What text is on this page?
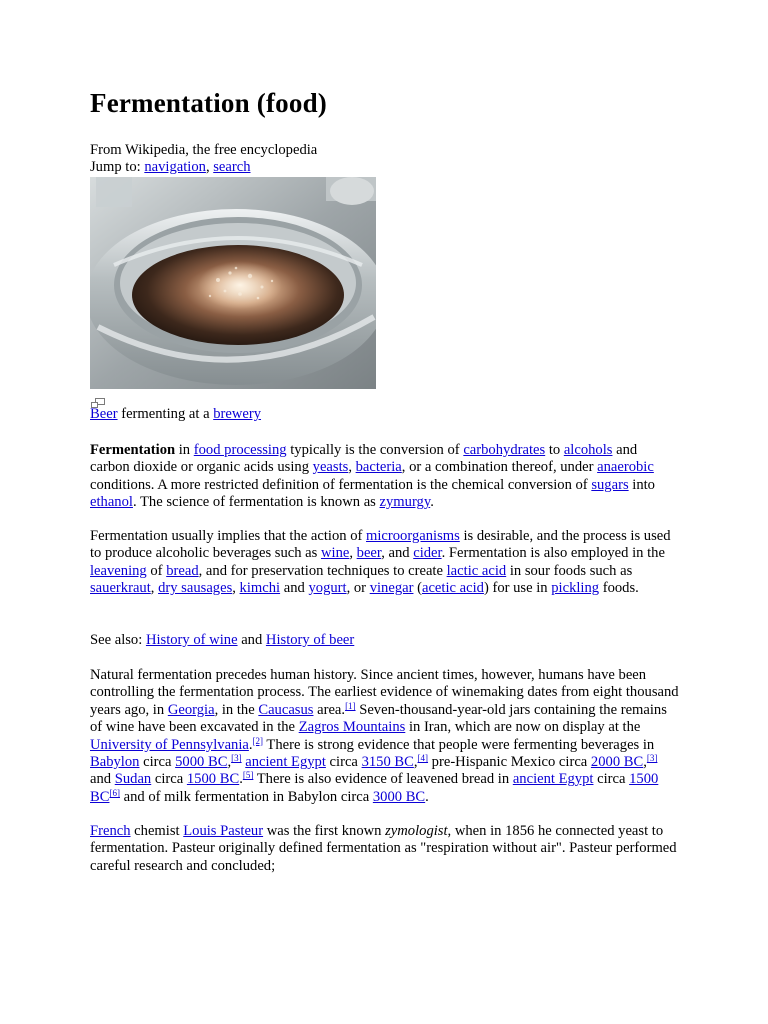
Fermentation (food)
From Wikipedia, the free encyclopedia
Jump to: navigation, search
Beer fermenting at a brewery
Fermentation in food processing typically is the conversion of carbohydrates to alcohols and carbon dioxide or organic acids using yeasts, bacteria, or a combination thereof, under anaerobic conditions. A more restricted definition of fermentation is the chemical conversion of sugars into ethanol. The science of fermentation is known as zymurgy.
Fermentation usually implies that the action of microorganisms is desirable, and the process is used to produce alcoholic beverages such as wine, beer, and cider. Fermentation is also employed in the leavening of bread, and for preservation techniques to create lactic acid in sour foods such as sauerkraut, dry sausages, kimchi and yogurt, or vinegar (acetic acid) for use in pickling foods.
See also: History of wine and History of beer
Natural fermentation precedes human history. Since ancient times, however, humans have been controlling the fermentation process. The earliest evidence of winemaking dates from eight thousand years ago, in Georgia, in the Caucasus area.[1] Seven-thousand-year-old jars containing the remains of wine have been excavated in the Zagros Mountains in Iran, which are now on display at the University of Pennsylvania.[2] There is strong evidence that people were fermenting beverages in Babylon circa 5000 BC,[3] ancient Egypt circa 3150 BC,[4] pre-Hispanic Mexico circa 2000 BC,[3] and Sudan circa 1500 BC.[5] There is also evidence of leavened bread in ancient Egypt circa 1500 BC[6] and of milk fermentation in Babylon circa 3000 BC.
French chemist Louis Pasteur was the first known zymologist, when in 1856 he connected yeast to fermentation. Pasteur originally defined fermentation as "respiration without air". Pasteur performed careful research and concluded;
